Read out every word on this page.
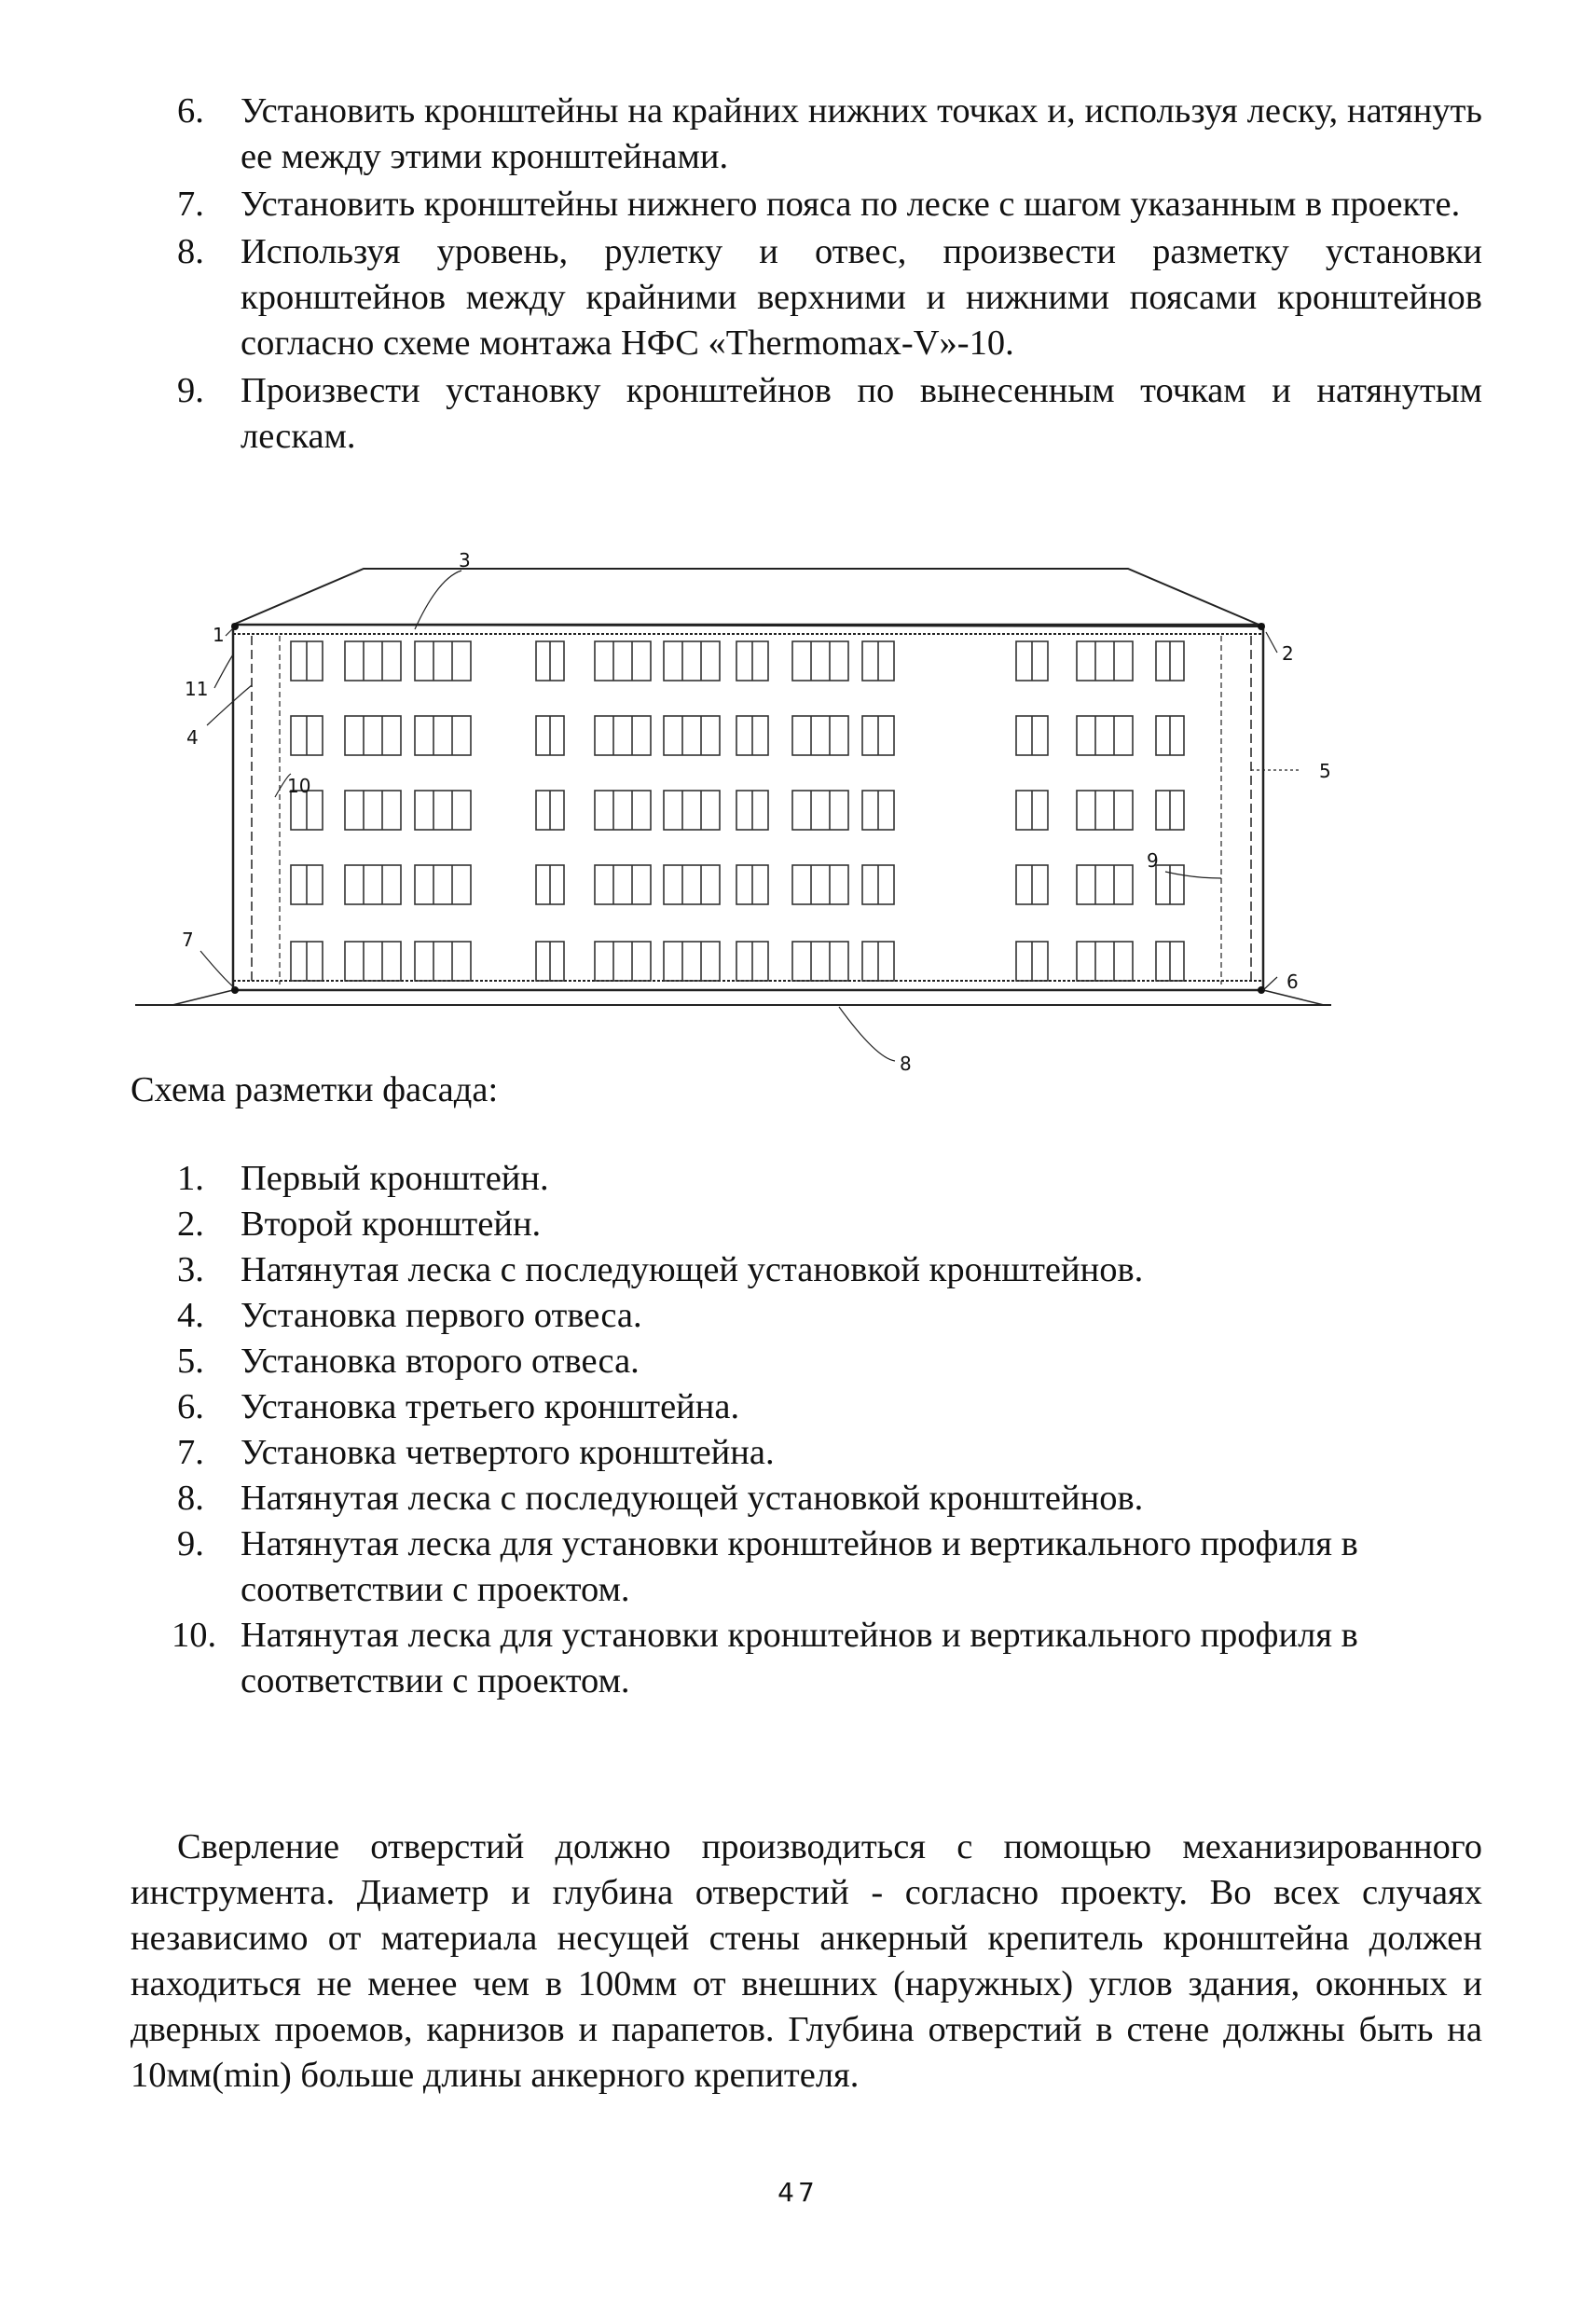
6. Установить кронштейны на крайних нижних точках и, используя леску, натянуть ее между этими кронштейнами.
7. Установить кронштейны нижнего пояса по леске с шагом указанным в проекте.
8. Используя уровень, рулетку и отвес, произвести разметку установки кронштейнов между крайними верхними и нижними поясами кронштейнов согласно схеме монтажа НФС «Thermomax-V»-10.
9. Произвести установку кронштейнов по вынесенным точкам и натянутым лескам.
3
1
2
11
4
5
10
9
7
6
8
Схема разметки фасада:
1. Первый кронштейн.
2. Второй кронштейн.
3. Натянутая леска с последующей установкой кронштейнов.
4. Установка первого отвеса.
5. Установка второго отвеса.
6. Установка третьего кронштейна.
7. Установка четвертого кронштейна.
8. Натянутая леска с последующей установкой кронштейнов.
9. Натянутая леска для установки кронштейнов и вертикального профиля в соответствии с проектом.
10. Натянутая леска для установки кронштейнов и вертикального профиля в соответствии с проектом.

Сверление отверстий должно производиться с помощью механизированного инструмента. Диаметр и глубина отверстий - согласно проекту. Во всех случаях независимо от материала несущей стены анкерный крепитель кронштейна должен находиться не менее чем в 100мм от внешних (наружных) углов здания, оконных и дверных проемов, карнизов и парапетов. Глубина отверстий в стене должны быть на 10мм(min) больше длины анкерного крепителя.

47
